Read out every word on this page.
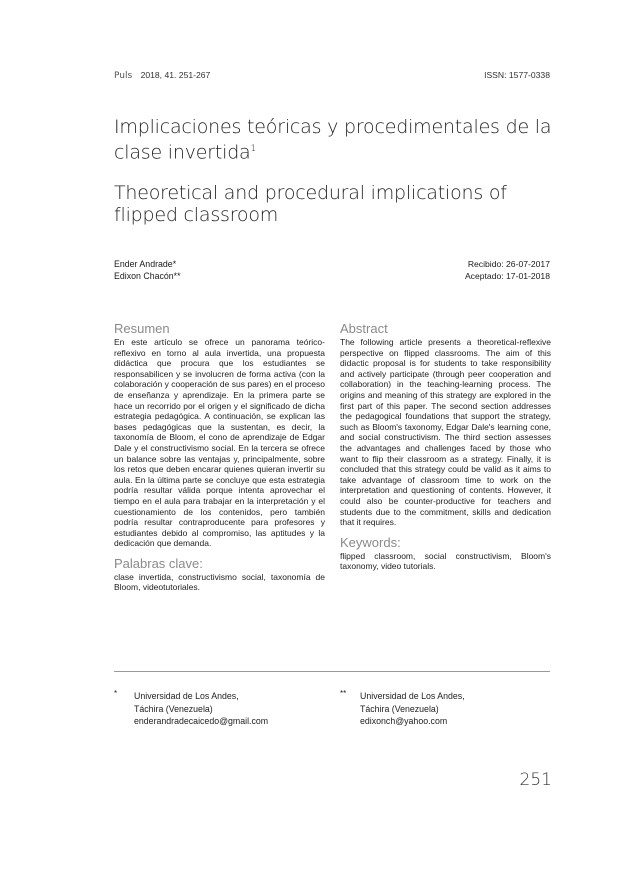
Puls 2018, 41. 251-267	ISSN: 1577-0338
Implicaciones teóricas y procedimentales de la clase invertida$^1$
Theoretical and procedural implications of flipped classroom
Ender Andrade*
Edixon Chacón**
Recibido: 26-07-2017
Aceptado: 17-01-2018
Resumen

En este artículo se ofrece un panorama teórico-reflexivo en torno al aula invertida, una propuesta didáctica que procura que los estudiantes se responsabilicen y se involucren de forma activa (con la colaboración y cooperación de sus pares) en el proceso de enseñanza y aprendizaje. En la primera parte se hace un recorrido por el origen y el significado de dicha estrategia pedagógica. A continuación, se explican las bases pedagógicas que la sustentan, es decir, la taxonomía de Bloom, el cono de aprendizaje de Edgar Dale y el constructivismo social. En la tercera se ofrece un balance sobre las ventajas y, principalmente, sobre los retos que deben encarar quienes quieran invertir su aula. En la última parte se concluye que esta estrategia podría resultar válida porque intenta aprovechar el tiempo en el aula para trabajar en la interpretación y el cuestionamiento de los contenidos, pero también podría resultar contraproducente para profesores y estudiantes debido al compromiso, las aptitudes y la dedicación que demanda.

Palabras clave:

clase invertida, constructivismo social, taxonomía de Bloom, videotutoriales.

Abstract

The following article presents a theoretical-reflexive perspective on flipped classrooms. The aim of this didactic proposal is for students to take responsibility and actively participate (through peer cooperation and collaboration) in the teaching-learning process. The origins and meaning of this strategy are explored in the first part of this paper. The second section addresses the pedagogical foundations that support the strategy, such as Bloom's taxonomy, Edgar Dale's learning cone, and social constructivism. The third section assesses the advantages and challenges faced by those who want to flip their classroom as a strategy. Finally, it is concluded that this strategy could be valid as it aims to take advantage of classroom time to work on the interpretation and questioning of contents. However, it could also be counter-productive for teachers and students due to the commitment, skills and dedication that it requires.

Keywords:

flipped classroom, social constructivism, Bloom's taxonomy, video tutorials.

* Universidad de Los Andes,
Táchira (Venezuela)
enderandradecaicedo@gmail.com
** Universidad de Los Andes,
Táchira (Venezuela)
edixonch@yahoo.com
251
